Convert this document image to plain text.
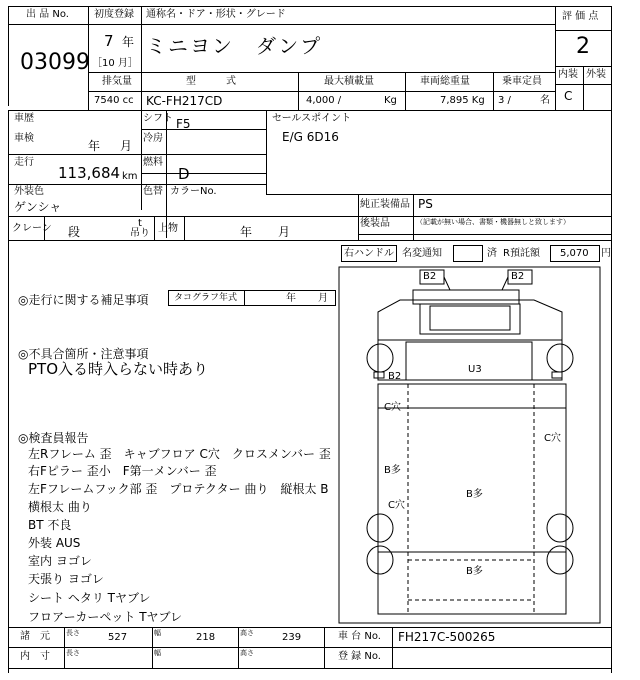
出 品 No.
03099
初度登録
7 年
［10 月］
通称名・ドア・形状・グレード
ミニヨン　ダンプ
評 価 点
2
内装 外装
C
排気量
7540 cc
型　　　式
KC-FH217CD
最大積載量
4,000 /	Kg
車両総重量
7,895 Kg
乗車定員
3 /	名
車歴	シフト F5
車検
年 月
冷房
走行
113,684 km
燃料
D
外装色
ゲンシャ
色替 カラーNo.
クレーン 段
t
吊り 上物	年 月
セールスポイント
E/G 6D16
純正装備品 PS
後装品	（記載が無い場合、書類・機器無しと致します）
右ハンドル 名変通知	済 R預託額 5,070 円
◎走行に関する補足事項	タコグラフ年式	年 月
◎不具合箇所・注意事項
PTO入る時入らない時あり
◎検査員報告
左Rフレーム 歪　キャブフロア C穴　クロスメンバー 歪
右Fピラー 歪小　F第一メンバー 歪
左Fフレームフック部 歪　プロテクター 曲り　縦根太 B
横根太 曲り
BT 不良
外装 AUS
室内 ヨゴレ
天張り ヨゴレ
シート ヘタリ Tヤブレ
フロアーカーペット Tヤブレ
B2	B2
U3
B2
C穴
C穴
B多
B多
C穴
B多
諸　元 長さ	527	幅	218	高さ	239	車 台 No. FH217C-500265
内　寸 長さ	幅	高さ	登 録 No.
